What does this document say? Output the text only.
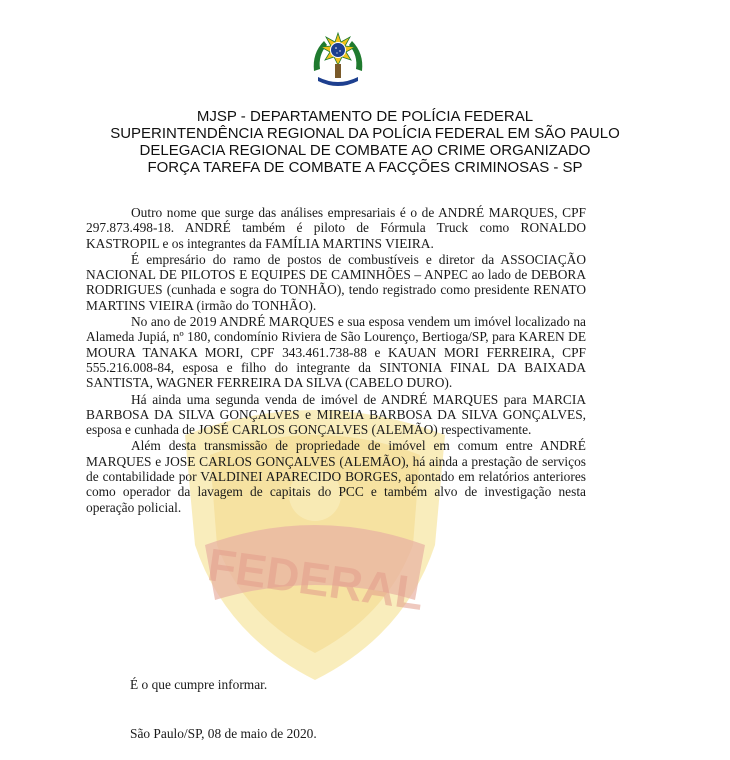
FEDERAL
MJSP - DEPARTAMENTO DE POLÍCIA FEDERAL
SUPERINTENDÊNCIA REGIONAL DA POLÍCIA FEDERAL EM SÃO PAULO
DELEGACIA REGIONAL DE COMBATE AO CRIME ORGANIZADO
FORÇA TAREFA DE COMBATE A FACÇÕES CRIMINOSAS - SP

Outro nome que surge das análises empresariais é o de ANDRÉ MARQUES, CPF 297.873.498-18. ANDRÉ também é piloto de Fórmula Truck como RONALDO KASTROPIL e os integrantes da FAMÍLIA MARTINS VIEIRA.

É empresário do ramo de postos de combustíveis e diretor da ASSOCIAÇÃO NACIONAL DE PILOTOS E EQUIPES DE CAMINHÕES – ANPEC ao lado de DEBORA RODRIGUES (cunhada e sogra do TONHÃO), tendo registrado como presidente RENATO MARTINS VIEIRA (irmão do TONHÃO).

No ano de 2019 ANDRÉ MARQUES e sua esposa vendem um imóvel localizado na Alameda Jupiá, nº 180, condomínio Riviera de São Lourenço, Bertioga/SP, para KAREN DE MOURA TANAKA MORI, CPF 343.461.738-88 e KAUAN MORI FERREIRA, CPF 555.216.008-84, esposa e filho do integrante da SINTONIA FINAL DA BAIXADA SANTISTA, WAGNER FERREIRA DA SILVA (CABELO DURO).

Há ainda uma segunda venda de imóvel de ANDRÉ MARQUES para MARCIA BARBOSA DA SILVA GONÇALVES e MIREIA BARBOSA DA SILVA GONÇALVES, esposa e cunhada de JOSÉ CARLOS GONÇALVES (ALEMÃO) respectivamente.

Além desta transmissão de propriedade de imóvel em comum entre ANDRÉ MARQUES e JOSE CARLOS GONÇALVES (ALEMÃO), há ainda a prestação de serviços de contabilidade por VALDINEI APARECIDO BORGES, apontado em relatórios anteriores como operador da lavagem de capitais do PCC e também alvo de investigação nesta operação policial.

É o que cumpre informar.
São Paulo/SP, 08 de maio de 2020.
